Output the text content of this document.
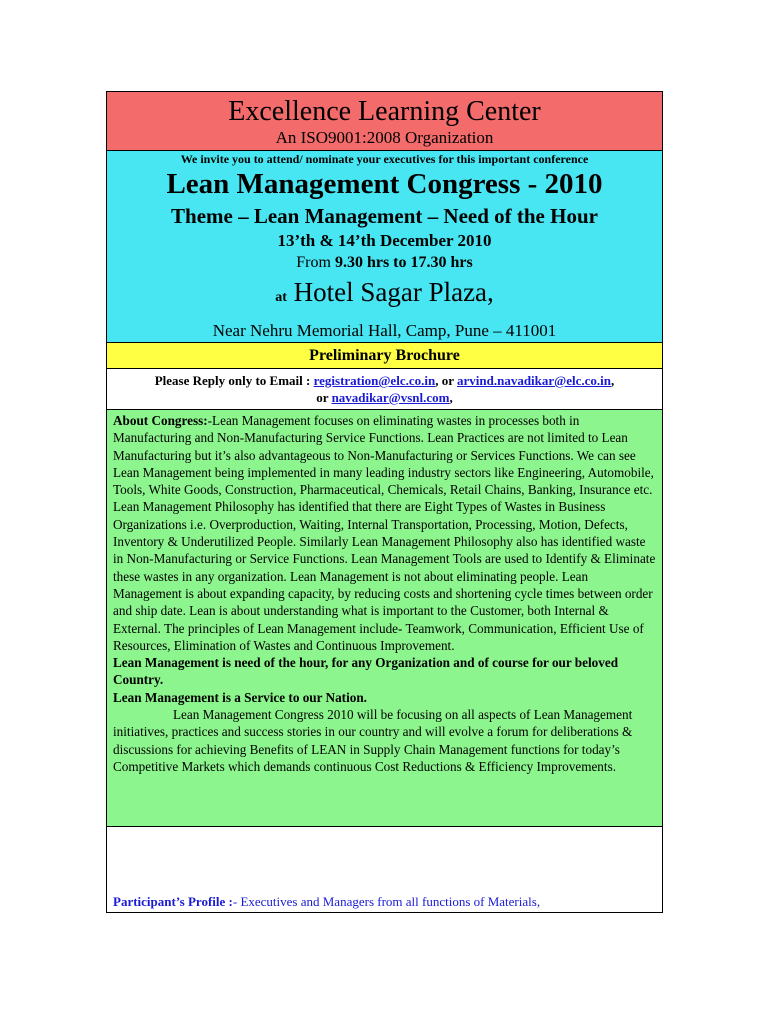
Excellence Learning Center
An ISO9001:2008 Organization
We invite you to attend/ nominate your executives for this important conference
Lean Management Congress - 2010
Theme – Lean Management – Need of the Hour
13’th & 14’th December 2010
From 9.30 hrs to 17.30 hrs
at Hotel Sagar Plaza,
Near Nehru Memorial Hall, Camp, Pune – 411001
Preliminary Brochure
Please Reply only to Email : registration@elc.co.in, or arvind.navadikar@elc.co.in,
or navadikar@vsnl.com,

About Congress:-Lean Management focuses on eliminating wastes in processes both in Manufacturing and Non-Manufacturing Service Functions. Lean Practices are not limited to Lean Manufacturing but it’s also advantageous to Non-Manufacturing or Services Functions. We can see Lean Management being implemented in many leading industry sectors like Engineering, Automobile, Tools, White Goods, Construction, Pharmaceutical, Chemicals, Retail Chains, Banking, Insurance etc. Lean Management Philosophy has identified that there are Eight Types of Wastes in Business Organizations i.e. Overproduction, Waiting, Internal Transportation, Processing, Motion, Defects, Inventory & Underutilized People. Similarly Lean Management Philosophy also has identified waste in Non-Manufacturing or Service Functions. Lean Management Tools are used to Identify & Eliminate these wastes in any organization. Lean Management is not about eliminating people. Lean Management is about expanding capacity, by reducing costs and shortening cycle times between order and ship date. Lean is about understanding what is important to the Customer, both Internal & External. The principles of Lean Management include- Teamwork, Communication, Efficient Use of Resources, Elimination of Wastes and Continuous Improvement.

Lean Management is need of the hour, for any Organization and of course for our beloved Country.

Lean Management is a Service to our Nation.

Lean Management Congress 2010 will be focusing on all aspects of Lean Management initiatives, practices and success stories in our country and will evolve a forum for deliberations & discussions for achieving Benefits of LEAN in Supply Chain Management functions for today’s Competitive Markets which demands continuous Cost Reductions & Efficiency Improvements.

Participant’s Profile :- Executives and Managers from all functions of Materials,
